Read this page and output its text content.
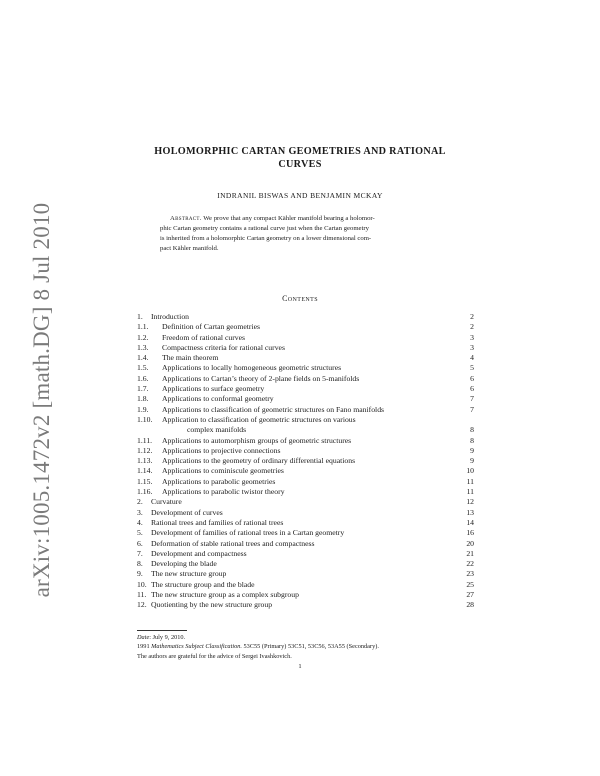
arXiv:1005.1472v2 [math.DG] 8 Jul 2010
HOLOMORPHIC CARTAN GEOMETRIES AND RATIONAL
CURVES
INDRANIL BISWAS AND BENJAMIN MCKAY
Abstract. We prove that any compact Kähler manifold bearing a holomor-
phic Cartan geometry contains a rational curve just when the Cartan geometry
is inherited from a holomorphic Cartan geometry on a lower dimensional com-
pact Kähler manifold.
Contents
1. Introduction	2
1.1. Definition of Cartan geometries	2
1.2. Freedom of rational curves	3
1.3. Compactness criteria for rational curves	3
1.4. The main theorem	4
1.5. Applications to locally homogeneous geometric structures	5
1.6. Applications to Cartan’s theory of 2-plane fields on 5-manifolds	6
1.7. Applications to surface geometry	6
1.8. Applications to conformal geometry	7
1.9. Applications to classification of geometric structures on Fano manifolds	7
1.10. Application to classification of geometric structures on various
complex manifolds	8
1.11. Applications to automorphism groups of geometric structures	8
1.12. Applications to projective connections	9
1.13. Applications to the geometry of ordinary differential equations	9
1.14. Applications to cominiscule geometries	10
1.15. Applications to parabolic geometries	11
1.16. Applications to parabolic twistor theory	11
2. Curvature	12
3. Development of curves	13
4. Rational trees and families of rational trees	14
5. Development of families of rational trees in a Cartan geometry	16
6. Deformation of stable rational trees and compactness	20
7. Development and compactness	21
8. Developing the blade	22
9. The new structure group	23
10. The structure group and the blade	25
11. The new structure group as a complex subgroup	27
12. Quotienting by the new structure group	28
Date: July 9, 2010.
1991 Mathematics Subject Classification. 53C55 (Primary) 53C51, 53C56, 53A55 (Secondary).
The authors are grateful for the advice of Sergei Ivashkovich.
1
